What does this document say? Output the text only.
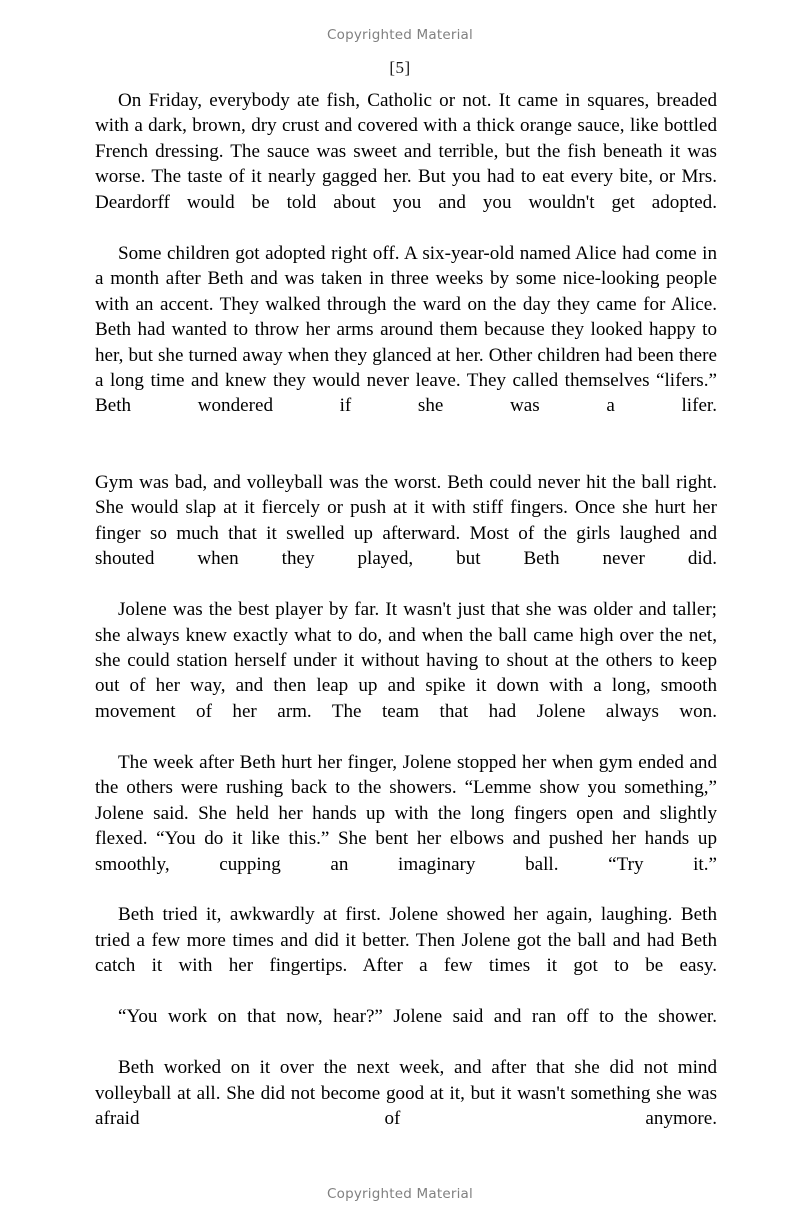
Copyrighted Material
[5]

On Friday, everybody ate fish, Catholic or not. It came in squares, breaded with a dark, brown, dry crust and covered with a thick orange sauce, like bottled French dressing. The sauce was sweet and terrible, but the fish beneath it was worse. The taste of it nearly gagged her. But you had to eat every bite, or Mrs. Deardorff would be told about you and you wouldn't get adopted.

Some children got adopted right off. A six-year-old named Alice had come in a month after Beth and was taken in three weeks by some nice-looking people with an accent. They walked through the ward on the day they came for Alice. Beth had wanted to throw her arms around them because they looked happy to her, but she turned away when they glanced at her. Other children had been there a long time and knew they would never leave. They called themselves “lifers.” Beth wondered if she was a lifer.

Gym was bad, and volleyball was the worst. Beth could never hit the ball right. She would slap at it fiercely or push at it with stiff fingers. Once she hurt her finger so much that it swelled up afterward. Most of the girls laughed and shouted when they played, but Beth never did.

Jolene was the best player by far. It wasn't just that she was older and taller; she always knew exactly what to do, and when the ball came high over the net, she could station herself under it without having to shout at the others to keep out of her way, and then leap up and spike it down with a long, smooth movement of her arm. The team that had Jolene always won.

The week after Beth hurt her finger, Jolene stopped her when gym ended and the others were rushing back to the showers. “Lemme show you something,” Jolene said. She held her hands up with the long fingers open and slightly flexed. “You do it like this.” She bent her elbows and pushed her hands up smoothly, cupping an imaginary ball. “Try it.”

Beth tried it, awkwardly at first. Jolene showed her again, laughing. Beth tried a few more times and did it better. Then Jolene got the ball and had Beth catch it with her fingertips. After a few times it got to be easy.

“You work on that now, hear?” Jolene said and ran off to the shower.

Beth worked on it over the next week, and after that she did not mind volleyball at all. She did not become good at it, but it wasn't something she was afraid of anymore.

Copyrighted Material
